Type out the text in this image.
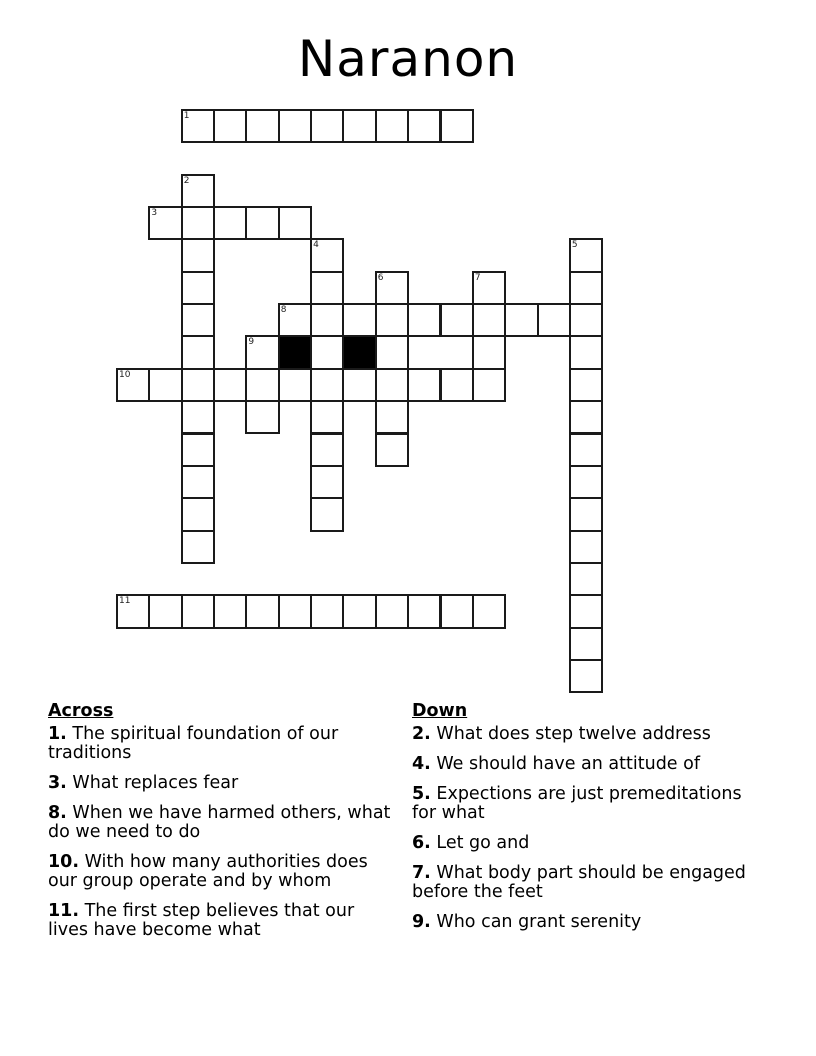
Naranon
1
2
3
4	5
6	7
8
9
10
11
Across
1. The spiritual foundation of our traditions
3. What replaces fear
8. When we have harmed others, what do we need to do
10. With how many authorities does our group operate and by whom
11. The first step believes that our lives have become what
Down
2. What does step twelve address
4. We should have an attitude of
5. Expections are just premeditations for what
6. Let go and
7. What body part should be engaged before the feet
9. Who can grant serenity
